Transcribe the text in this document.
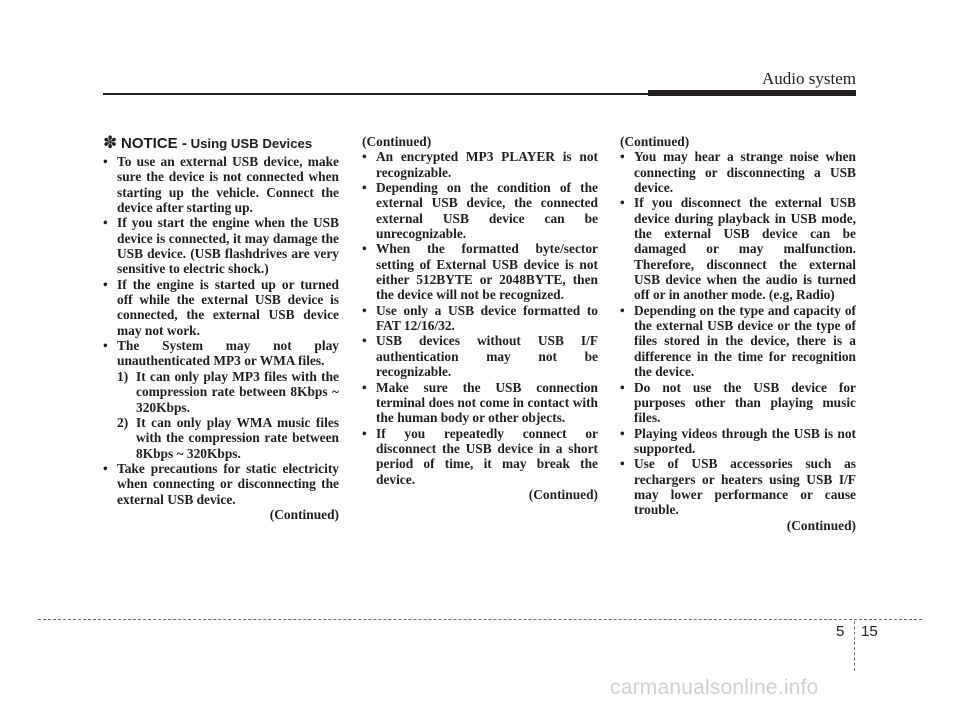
Audio system
✽ NOTICE - Using USB Devices
• To use an external USB device, make sure the device is not connected when starting up the vehicle. Connect the device after starting up.
• If you start the engine when the USB device is connected, it may damage the USB device. (USB flashdrives are very sensitive to electric shock.)
• If the engine is started up or turned off while the external USB device is connected, the external USB device may not work.
• The System may not play unauthenticated MP3 or WMA files.
1) It can only play MP3 files with the compression rate between 8Kbps ~ 320Kbps.
2) It can only play WMA music files with the compression rate between 8Kbps ~ 320Kbps.
• Take precautions for static electricity when connecting or disconnecting the external USB device.
(Continued)
(Continued)
• An encrypted MP3 PLAYER is not recognizable.
• Depending on the condition of the external USB device, the connected external USB device can be unrecognizable.
• When the formatted byte/sector setting of External USB device is not either 512BYTE or 2048BYTE, then the device will not be recognized.
• Use only a USB device formatted to FAT 12/16/32.
• USB devices without USB I/F authentication may not be recognizable.
• Make sure the USB connection terminal does not come in contact with the human body or other objects.
• If you repeatedly connect or disconnect the USB device in a short period of time, it may break the device.
(Continued)
(Continued)
• You may hear a strange noise when connecting or disconnecting a USB device.
• If you disconnect the external USB device during playback in USB mode, the external USB device can be damaged or may malfunction. Therefore, disconnect the external USB device when the audio is turned off or in another mode. (e.g, Radio)
• Depending on the type and capacity of the external USB device or the type of files stored in the device, there is a difference in the time for recognition the device.
• Do not use the USB device for purposes other than playing music files.
• Playing videos through the USB is not supported.
• Use of USB accessories such as rechargers or heaters using USB I/F may lower performance or cause trouble.
(Continued)
5 15
carmanualsonline.info
